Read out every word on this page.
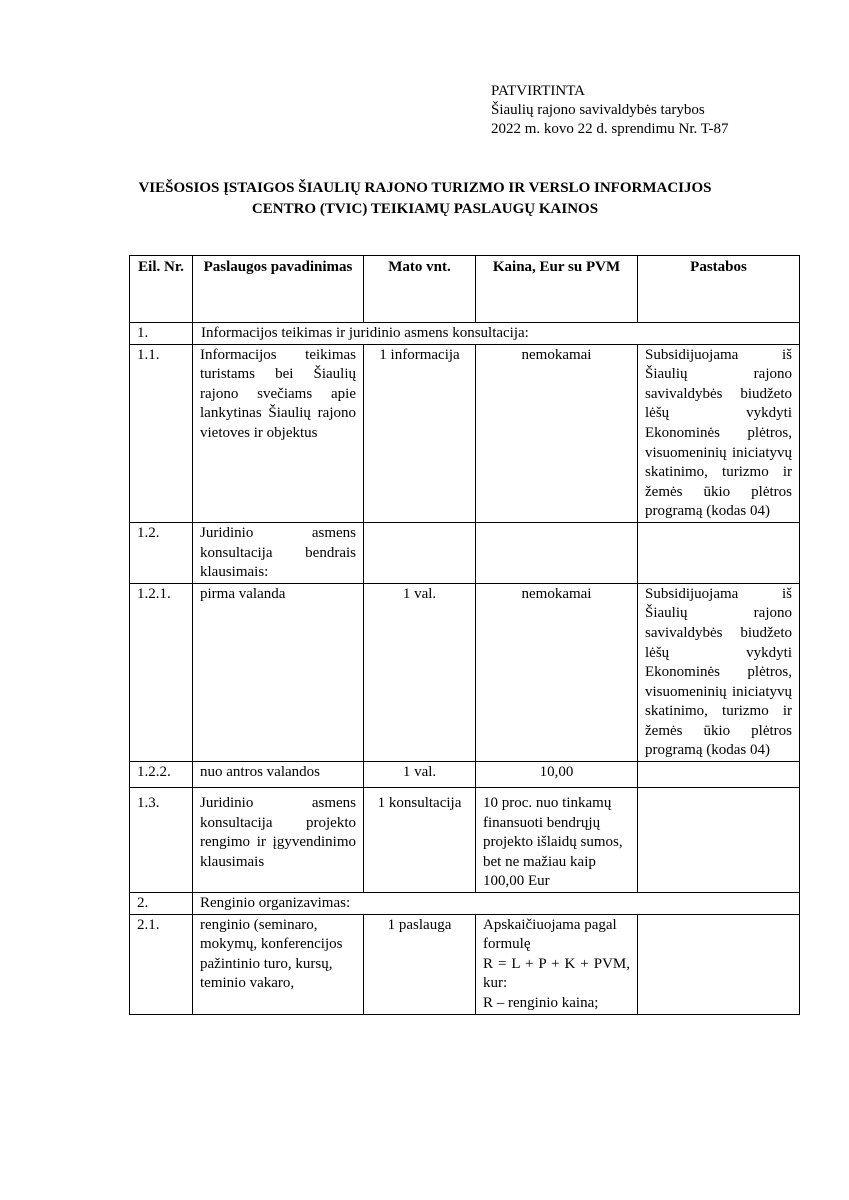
PATVIRTINTA
Šiaulių rajono savivaldybės tarybos
2022 m. kovo 22 d. sprendimu Nr. T-87
VIEŠOSIOS ĮSTAIGOS ŠIAULIŲ RAJONO TURIZMO IR VERSLO INFORMACIJOS
CENTRO (TVIC) TEIKIAMŲ PASLAUGŲ KAINOS
Eil. Nr.	Paslaugos pavadinimas	Mato vnt.	Kaina, Eur su PVM	Pastabos
1.	Informacijos teikimas ir juridinio asmens konsultacija:			
1.1.	Informacijos teikimas turistams bei Šiaulių rajono svečiams apie lankytinas Šiaulių rajono vietoves ir objektus	1 informacija	nemokamai	Subsidijuojama iš Šiaulių rajono savivaldybės biudžeto lėšų vykdyti Ekonominės plėtros, visuomeninių iniciatyvų skatinimo, turizmo ir žemės ūkio plėtros programą (kodas 04)
1.2.	Juridinio asmens konsultacija bendrais klausimais:			
1.2.1.	pirma valanda	1 val.	nemokamai	Subsidijuojama iš Šiaulių rajono savivaldybės biudžeto lėšų vykdyti Ekonominės plėtros, visuomeninių iniciatyvų skatinimo, turizmo ir žemės ūkio plėtros programą (kodas 04)
1.2.2.	nuo antros valandos	1 val.	10,00	
1.3.	Juridinio asmens konsultacija projekto rengimo ir įgyvendinimo klausimais	1 konsultacija	10 proc. nuo tinkamų finansuoti bendrųjų projekto išlaidų sumos, bet ne mažiau kaip 100,00 Eur	
2.	Renginio organizavimas:			
2.1.	renginio (seminaro, mokymų, konferencijos pažintinio turo, kursų, teminio vakaro,	1 paslauga	Apskaičiuojama pagal formulę
R = L + P + K + PVM, kur:
R – renginio kaina;	
